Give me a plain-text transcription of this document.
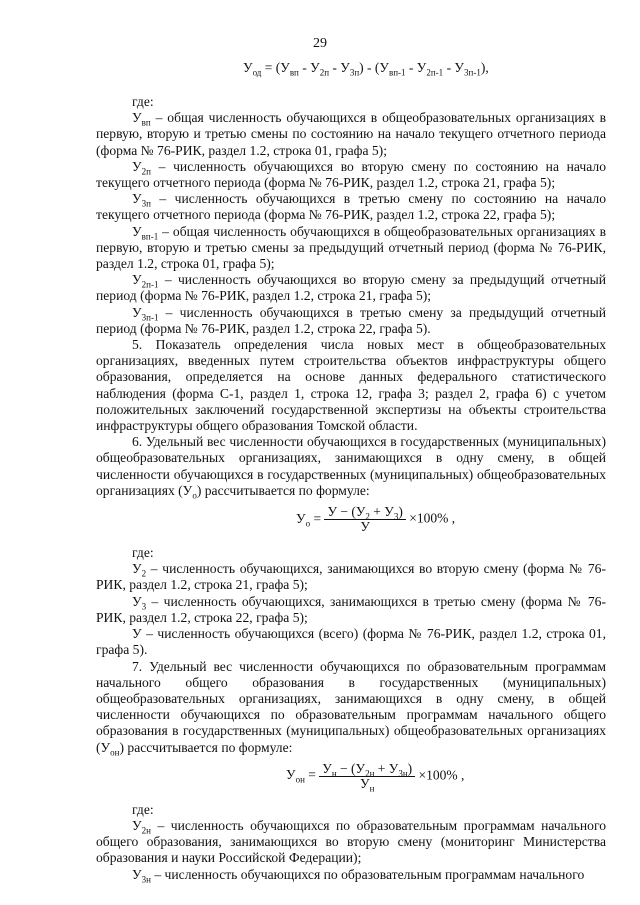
29
$У_{од} = (У_{вп} - У_{2п} - У_{3п}) - (У_{вп-1} - У_{2п-1} - У_{3п-1})$,

где:

$У_{вп}$ – общая численность обучающихся в общеобразовательных организациях в первую, вторую и третью смены по состоянию на начало текущего отчетного периода (форма № 76-РИК, раздел 1.2, строка 01, графа 5);

$У_{2п}$ – численность обучающихся во вторую смену по состоянию на начало текущего отчетного периода (форма № 76-РИК, раздел 1.2, строка 21, графа 5);

$У_{3п}$ – численность обучающихся в третью смену по состоянию на начало текущего отчетного периода (форма № 76-РИК, раздел 1.2, строка 22, графа 5);

$У_{вп-1}$ – общая численность обучающихся в общеобразовательных организациях в первую, вторую и третью смены за предыдущий отчетный период (форма № 76-РИК, раздел 1.2, строка 01, графа 5);

$У_{2п-1}$ – численность обучающихся во вторую смену за предыдущий отчетный период (форма № 76-РИК, раздел 1.2, строка 21, графа 5);

$У_{3п-1}$ – численность обучающихся в третью смену за предыдущий отчетный период (форма № 76-РИК, раздел 1.2, строка 22, графа 5).

5. Показатель определения числа новых мест в общеобразовательных организациях, введенных путем строительства объектов инфраструктуры общего образования, определяется на основе данных федерального статистического наблюдения (форма С-1, раздел 1, строка 12, графа 3; раздел 2, графа 6) с учетом положительных заключений государственной экспертизы на объекты строительства инфраструктуры общего образования Томской области.

6. Удельный вес численности обучающихся в государственных (муниципальных) общеобразовательных организациях, занимающихся в одну смену, в общей численности обучающихся в государственных (муниципальных) общеобразовательных организациях $(У_о)$ рассчитывается по формуле:

$У_о = \frac{У - (У_2 + У_3)}{У} \times 100\%$ ,

где:

$У_2$ – численность обучающихся, занимающихся во вторую смену (форма № 76-РИК, раздел 1.2, строка 21, графа 5);

$У_3$ – численность обучающихся, занимающихся в третью смену (форма № 76-РИК, раздел 1.2, строка 22, графа 5);

У – численность обучающихся (всего) (форма № 76-РИК, раздел 1.2, строка 01, графа 5).

7. Удельный вес численности обучающихся по образовательным программам начального общего образования в государственных (муниципальных) общеобразовательных организациях, занимающихся в одну смену, в общей численности обучающихся по образовательным программам начального общего образования в государственных (муниципальных) общеобразовательных организациях $(У_{он})$ рассчитывается по формуле:

$У_{он} = \frac{У_н - (У_{2н} + У_{3н})}{У_н} \times 100\%$ ,

где:

$У_{2н}$ – численность обучающихся по образовательным программам начального общего образования, занимающихся во вторую смену (мониторинг Министерства образования и науки Российской Федерации);

$У_{3н}$ – численность обучающихся по образовательным программам начального
